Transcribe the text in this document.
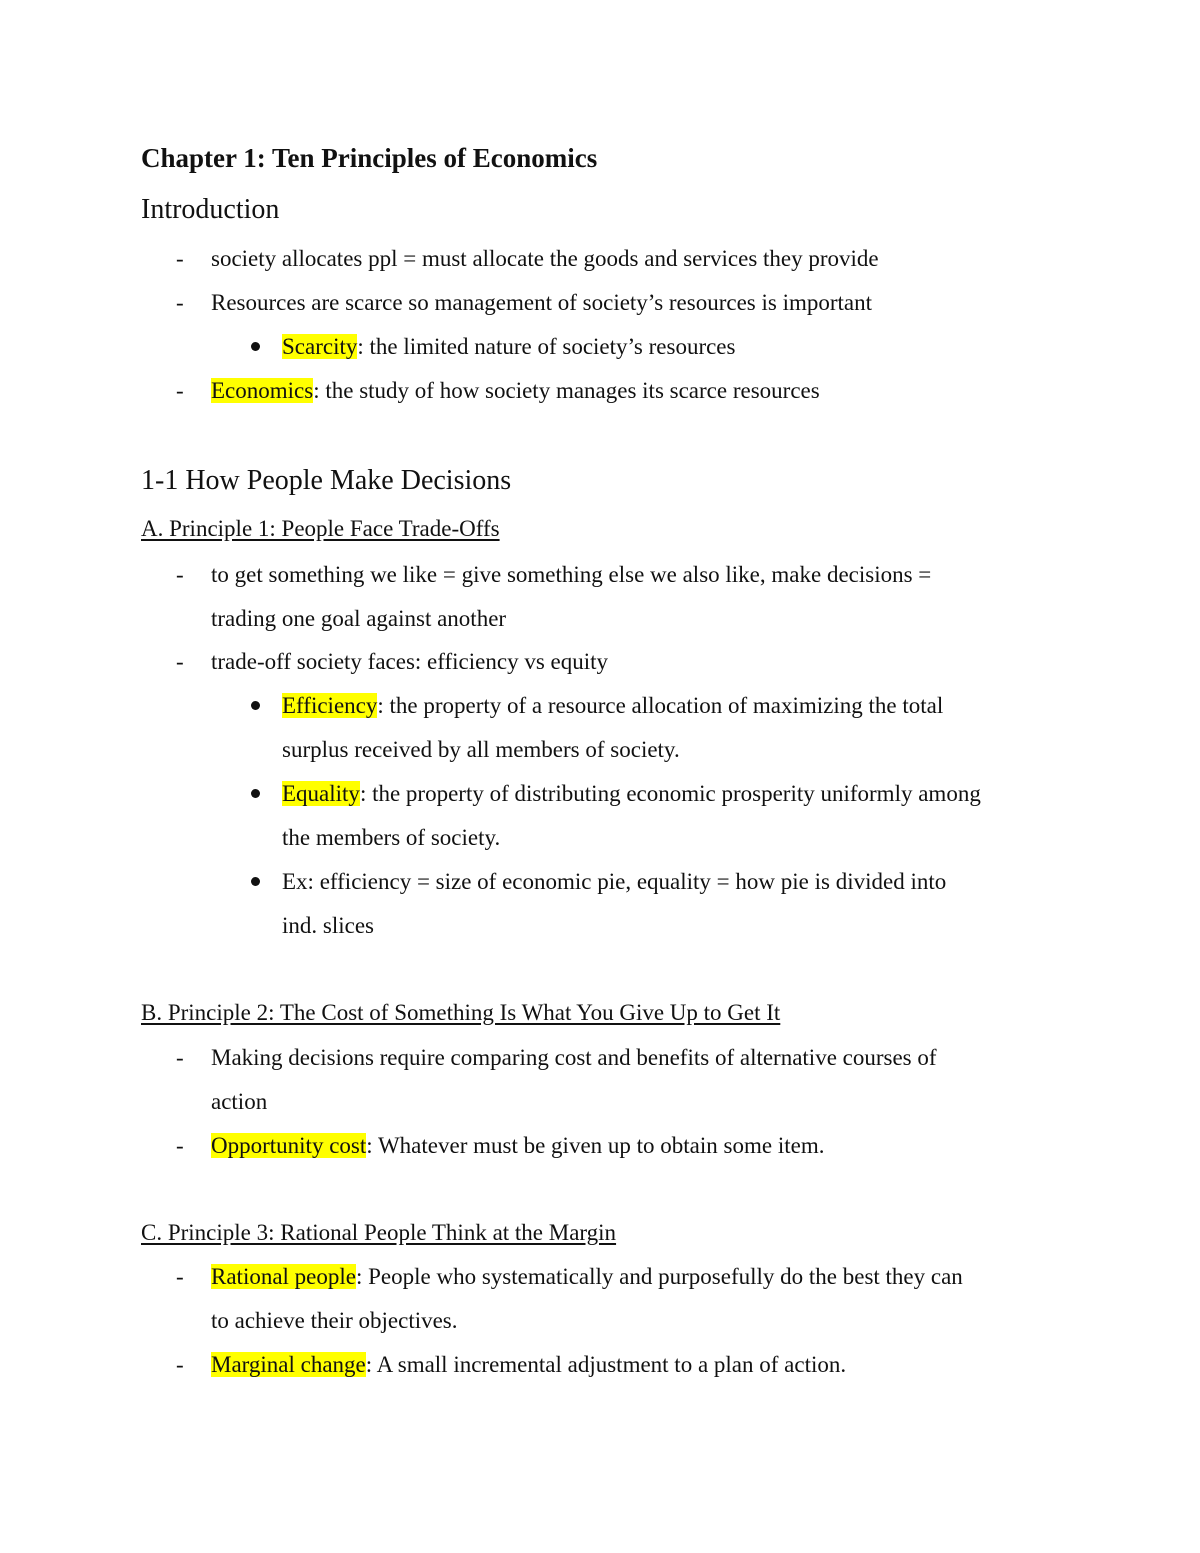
Chapter 1: Ten Principles of Economics
Introduction
- society allocates ppl = must allocate the goods and services they provide
- Resources are scarce so management of society’s resources is important
Scarcity: the limited nature of society’s resources
- Economics: the study of how society manages its scarce resources
1-1 How People Make Decisions
A. Principle 1: People Face Trade-Offs
- to get something we like = give something else we also like, make decisions =
trading one goal against another
- trade-off society faces: efficiency vs equity
Efficiency: the property of a resource allocation of maximizing the total
surplus received by all members of society.
Equality: the property of distributing economic prosperity uniformly among
the members of society.
Ex: efficiency = size of economic pie, equality = how pie is divided into
ind. slices
B. Principle 2: The Cost of Something Is What You Give Up to Get It
- Making decisions require comparing cost and benefits of alternative courses of
action
- Opportunity cost: Whatever must be given up to obtain some item.
C. Principle 3: Rational People Think at the Margin
- Rational people: People who systematically and purposefully do the best they can
to achieve their objectives.
- Marginal change: A small incremental adjustment to a plan of action.
